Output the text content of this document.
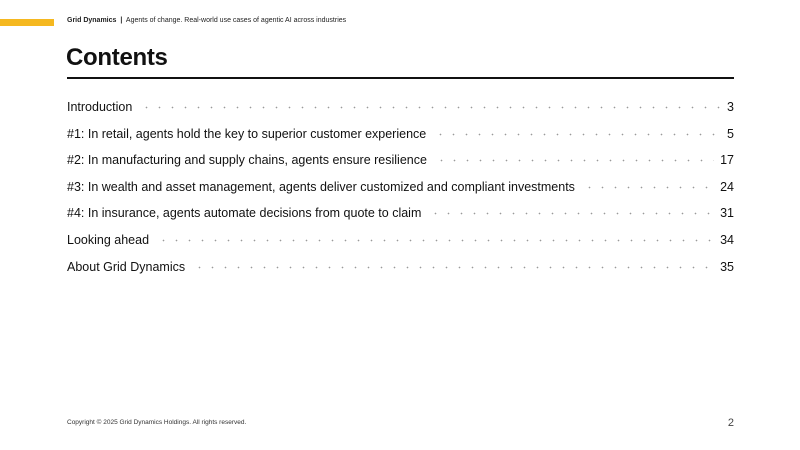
Grid Dynamics | Agents of change. Real-world use cases of agentic AI across industries
Contents
Introduction	3
#1: In retail, agents hold the key to superior customer experience	5
#2: In manufacturing and supply chains, agents ensure resilience	17
#3: In wealth and asset management, agents deliver customized and compliant investments	24
#4: In insurance, agents automate decisions from quote to claim	31
Looking ahead	34
About Grid Dynamics	35
Copyright © 2025 Grid Dynamics Holdings. All rights reserved.	2
